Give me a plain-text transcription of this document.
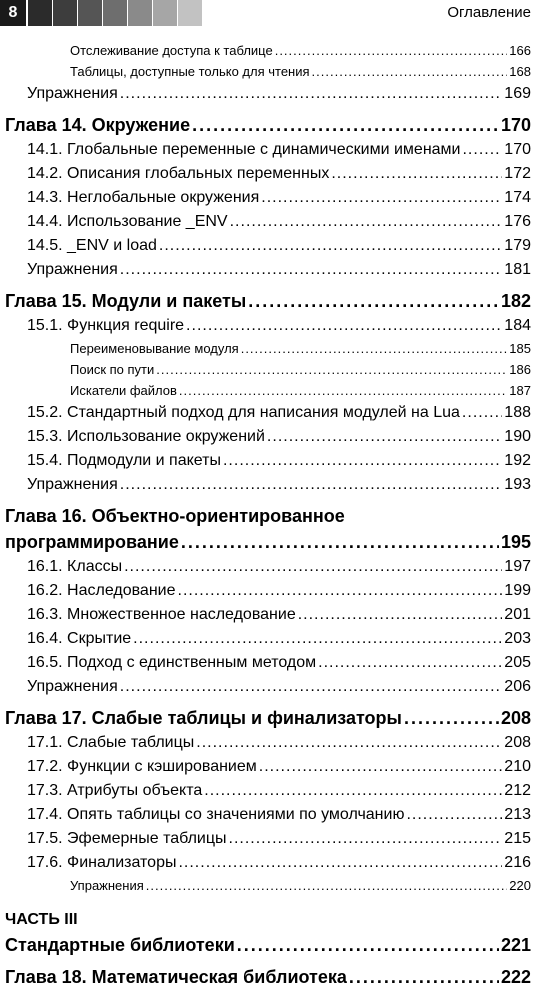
8	Оглавление
Отслеживание доступа к таблице .....	166
Таблицы, доступные только для чтения .....	168
Упражнения .....	169
Глава 14. Окружение .....	170
14.1. Глобальные переменные с динамическими именами .....	170
14.2. Описания глобальных переменных .....	172
14.3. Неглобальные окружения .....	174
14.4. Использование _ENV .....	176
14.5. _ENV и load .....	179
Упражнения .....	181
Глава 15. Модули и пакеты .....	182
15.1. Функция require .....	184
Переименовывание модуля .....	185
Поиск по пути .....	186
Искатели файлов .....	187
15.2. Стандартный подход для написания модулей на Lua .....	188
15.3. Использование окружений .....	190
15.4. Подмодули и пакеты .....	192
Упражнения .....	193
Глава 16. Объектно-ориентированное
программирование .....	195
16.1. Классы .....	197
16.2. Наследование .....	199
16.3. Множественное наследование .....	201
16.4. Скрытие .....	203
16.5. Подход с единственным методом .....	205
Упражнения .....	206
Глава 17. Слабые таблицы и финализаторы .....	208
17.1. Слабые таблицы .....	208
17.2. Функции с кэшированием .....	210
17.3. Атрибуты объекта .....	212
17.4. Опять таблицы со значениями по умолчанию .....	213
17.5. Эфемерные таблицы .....	215
17.6. Финализаторы .....	216
Упражнения .....	220
ЧАСТЬ III
Стандартные библиотеки .....	221
Глава 18. Математическая библиотека .....	222
